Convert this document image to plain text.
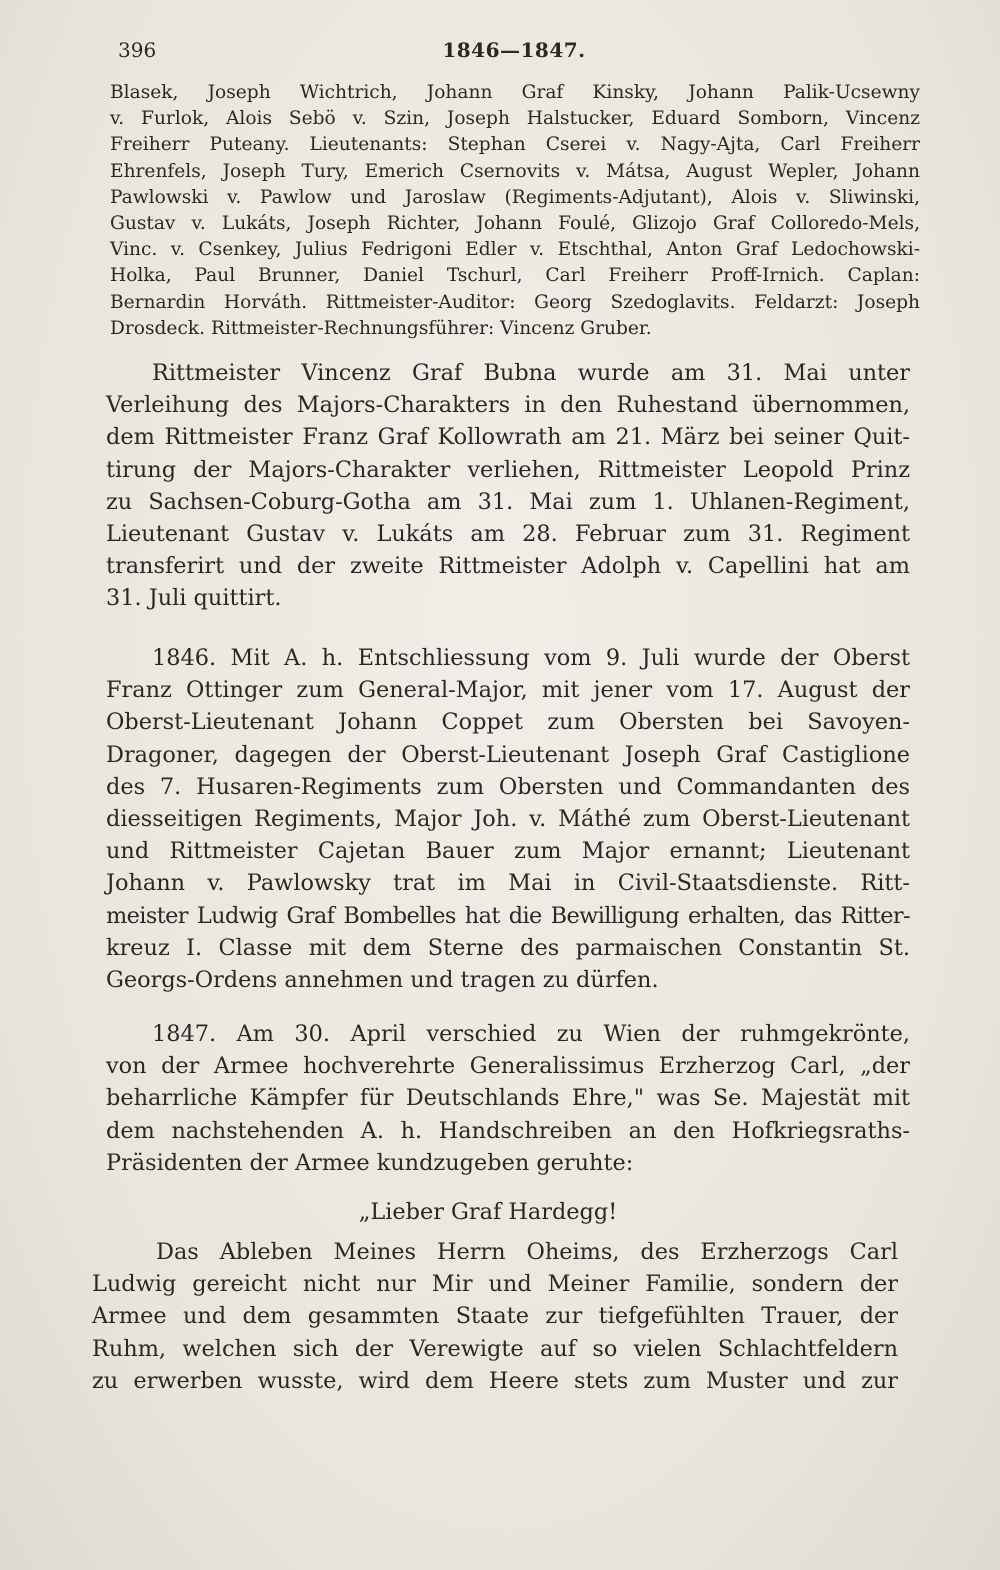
396	1846—1847.
Blasek, Joseph Wichtrich, Johann Graf Kinsky, Johann Palik-Ucsewny
v. Furlok, Alois Sebö v. Szin, Joseph Halstucker, Eduard Somborn, Vincenz
Freiherr Puteany. Lieutenants: Stephan Cserei v. Nagy-Ajta, Carl Freiherr
Ehrenfels, Joseph Tury, Emerich Csernovits v. Mátsa, August Wepler, Johann
Pawlowski v. Pawlow und Jaroslaw (Regiments-Adjutant), Alois v. Sliwinski,
Gustav v. Lukáts, Joseph Richter, Johann Foulé, Glizojo Graf Colloredo-Mels,
Vinc. v. Csenkey, Julius Fedrigoni Edler v. Etschthal, Anton Graf Ledochowski-
Holka, Paul Brunner, Daniel Tschurl, Carl Freiherr Proff-Irnich. Caplan:
Bernardin Horváth. Rittmeister-Auditor: Georg Szedoglavits. Feldarzt: Joseph
Drosdeck. Rittmeister-Rechnungsführer: Vincenz Gruber.
Rittmeister Vincenz Graf Bubna wurde am 31. Mai unter
Verleihung des Majors-Charakters in den Ruhestand übernommen,
dem Rittmeister Franz Graf Kollowrath am 21. März bei seiner Quit-
tirung der Majors-Charakter verliehen, Rittmeister Leopold Prinz
zu Sachsen-Coburg-Gotha am 31. Mai zum 1. Uhlanen-Regiment,
Lieutenant Gustav v. Lukáts am 28. Februar zum 31. Regiment
transferirt und der zweite Rittmeister Adolph v. Capellini hat am
31. Juli quittirt.
1846. Mit A. h. Entschliessung vom 9. Juli wurde der Oberst
Franz Ottinger zum General-Major, mit jener vom 17. August der
Oberst-Lieutenant Johann Coppet zum Obersten bei Savoyen-
Dragoner, dagegen der Oberst-Lieutenant Joseph Graf Castiglione
des 7. Husaren-Regiments zum Obersten und Commandanten des
diesseitigen Regiments, Major Joh. v. Máthé zum Oberst-Lieutenant
und Rittmeister Cajetan Bauer zum Major ernannt; Lieutenant
Johann v. Pawlowsky trat im Mai in Civil-Staatsdienste. Ritt-
meister Ludwig Graf Bombelles hat die Bewilligung erhalten, das Ritter-
kreuz I. Classe mit dem Sterne des parmaischen Constantin St.
Georgs-Ordens annehmen und tragen zu dürfen.
1847. Am 30. April verschied zu Wien der ruhmgekrönte,
von der Armee hochverehrte Generalissimus Erzherzog Carl, „der
beharrliche Kämpfer für Deutschlands Ehre," was Se. Majestät mit
dem nachstehenden A. h. Handschreiben an den Hofkriegsraths-
Präsidenten der Armee kundzugeben geruhte:
„Lieber Graf Hardegg!
Das Ableben Meines Herrn Oheims, des Erzherzogs Carl
Ludwig gereicht nicht nur Mir und Meiner Familie, sondern der
Armee und dem gesammten Staate zur tiefgefühlten Trauer, der
Ruhm, welchen sich der Verewigte auf so vielen Schlachtfeldern
zu erwerben wusste, wird dem Heere stets zum Muster und zur
